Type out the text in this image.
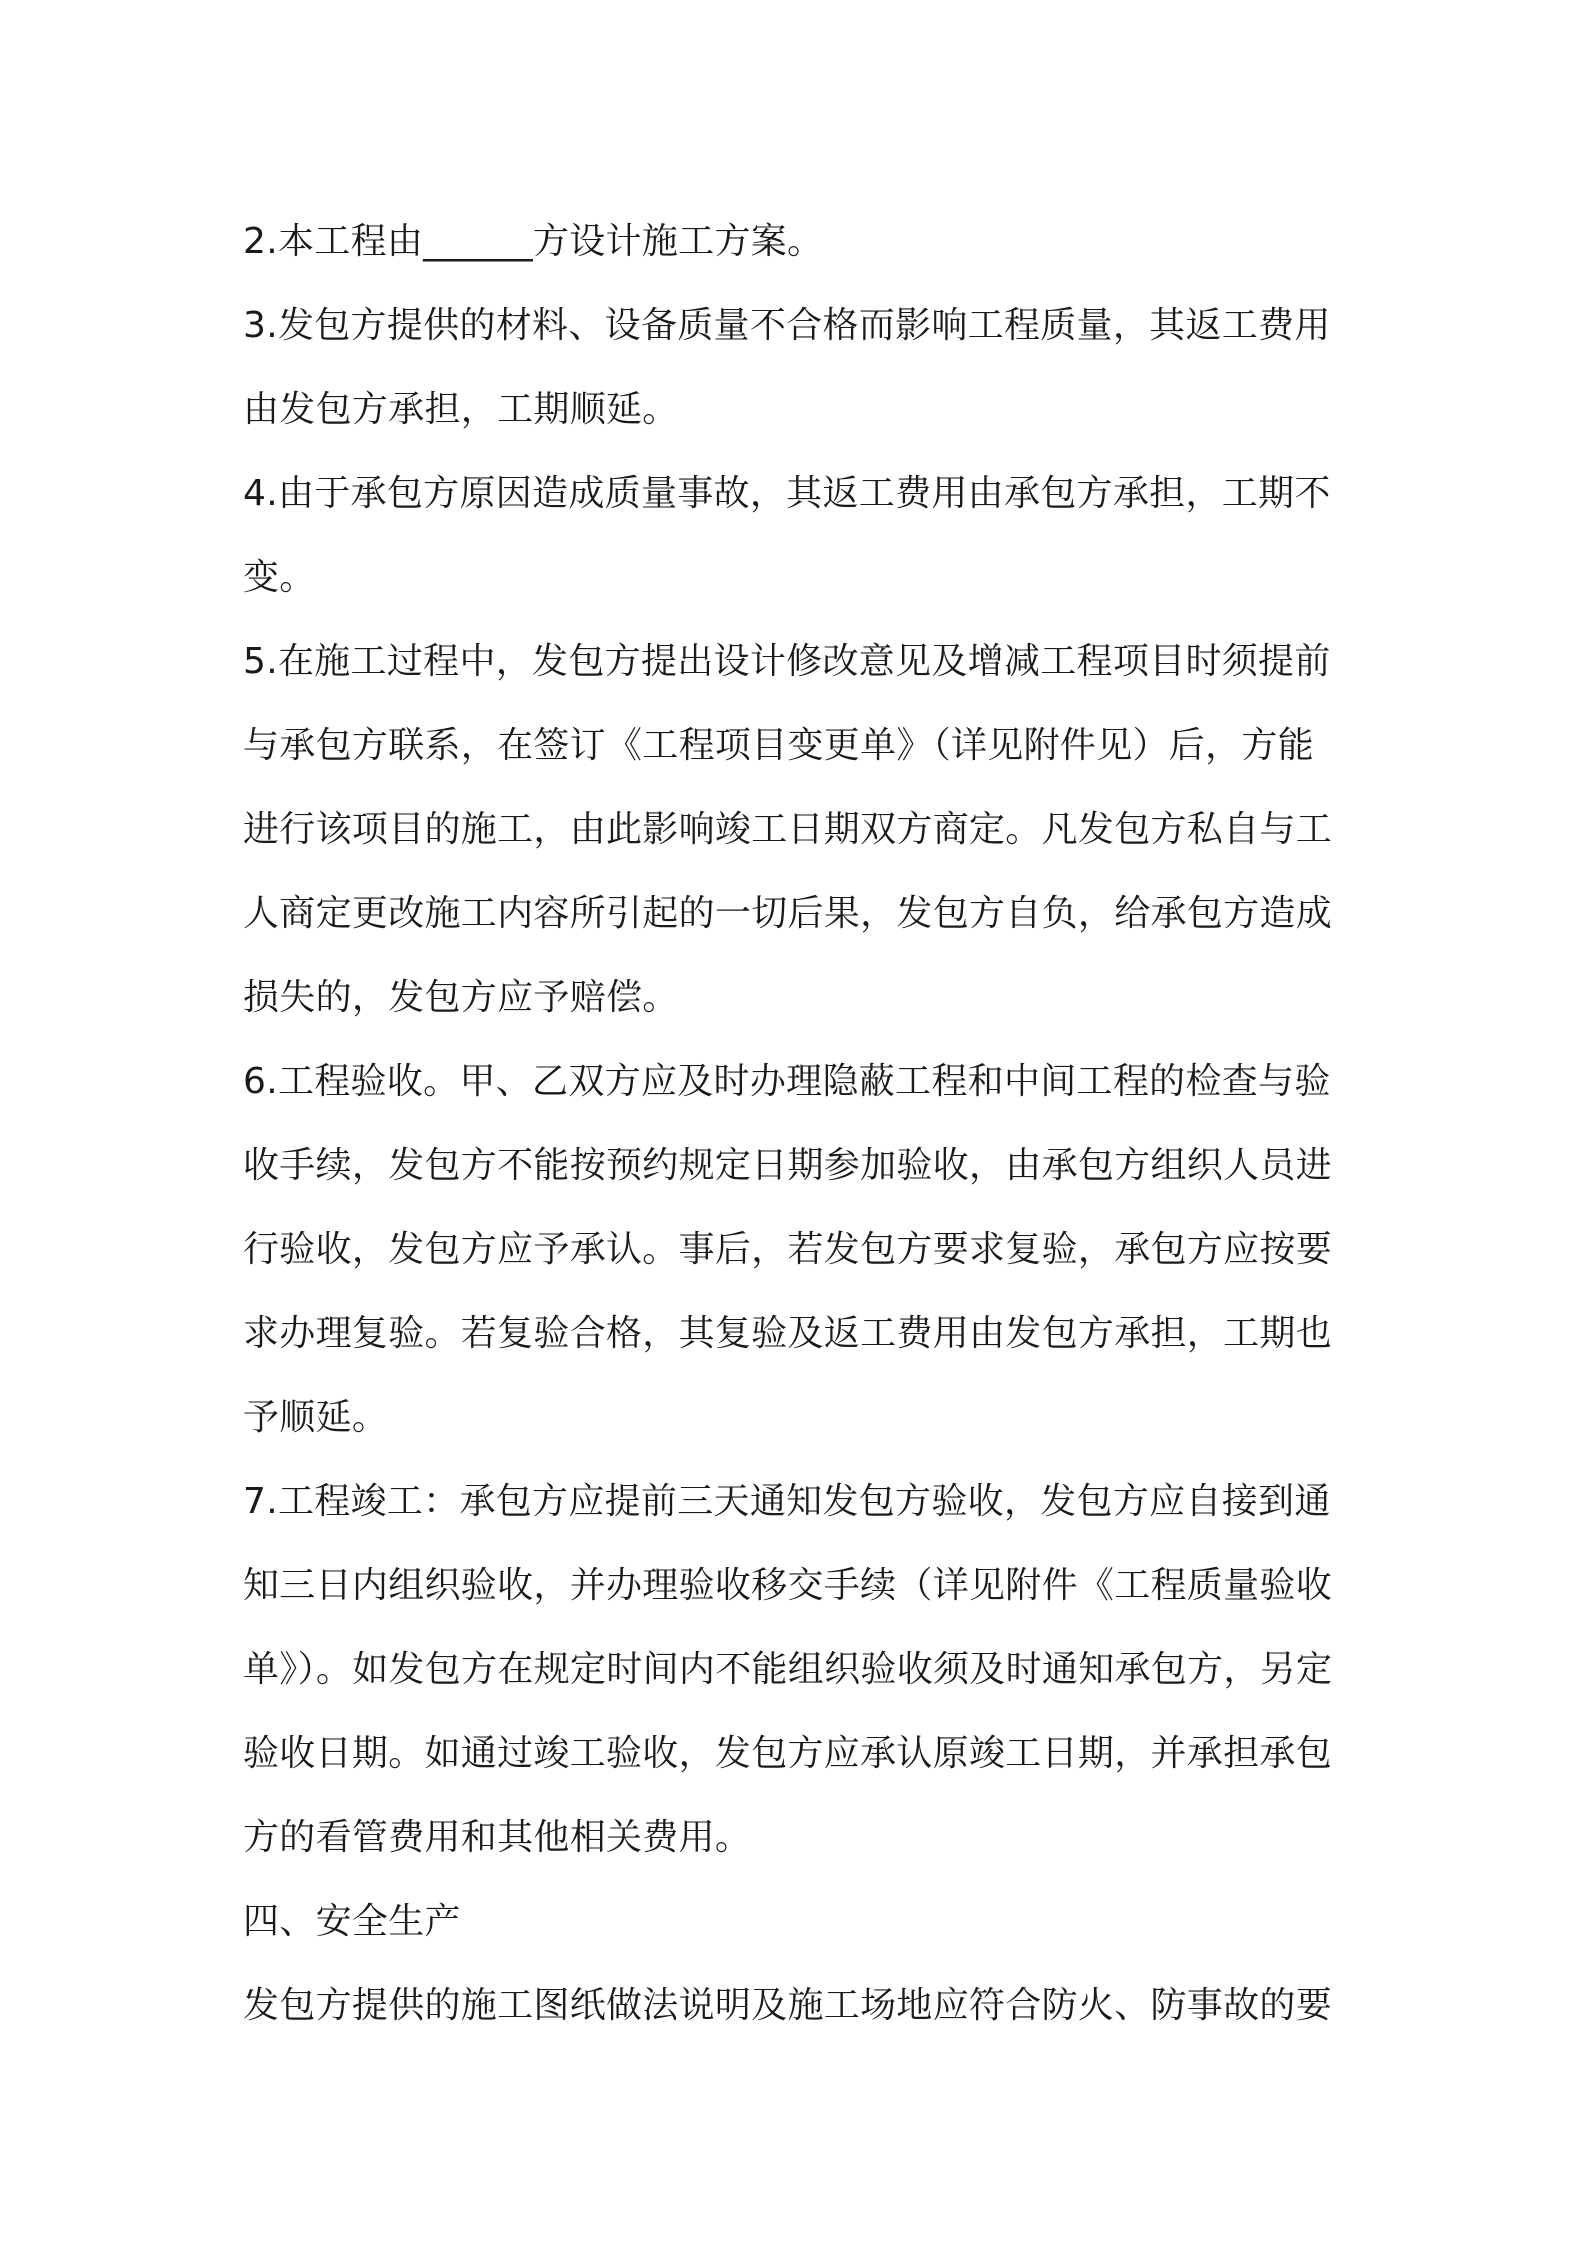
2.本工程由______方设计施工方案。
3.发包方提供的材料、设备质量不合格而影响工程质量，其返工费用
由发包方承担，工期顺延。
4.由于承包方原因造成质量事故，其返工费用由承包方承担，工期不
变。
5.在施工过程中，发包方提出设计修改意见及增减工程项目时须提前
与承包方联系，在签订《工程项目变更单》（详见附件见）后，方能
进行该项目的施工，由此影响竣工日期双方商定。凡发包方私自与工
人商定更改施工内容所引起的一切后果，发包方自负，给承包方造成
损失的，发包方应予赔偿。
6.工程验收。甲、乙双方应及时办理隐蔽工程和中间工程的检查与验
收手续，发包方不能按预约规定日期参加验收，由承包方组织人员进
行验收，发包方应予承认。事后，若发包方要求复验，承包方应按要
求办理复验。若复验合格，其复验及返工费用由发包方承担，工期也
予顺延。
7.工程竣工：承包方应提前三天通知发包方验收，发包方应自接到通
知三日内组织验收，并办理验收移交手续（详见附件《工程质量验收
单》）。如发包方在规定时间内不能组织验收须及时通知承包方，另定
验收日期。如通过竣工验收，发包方应承认原竣工日期，并承担承包
方的看管费用和其他相关费用。
四、安全生产
发包方提供的施工图纸做法说明及施工场地应符合防火、防事故的要
